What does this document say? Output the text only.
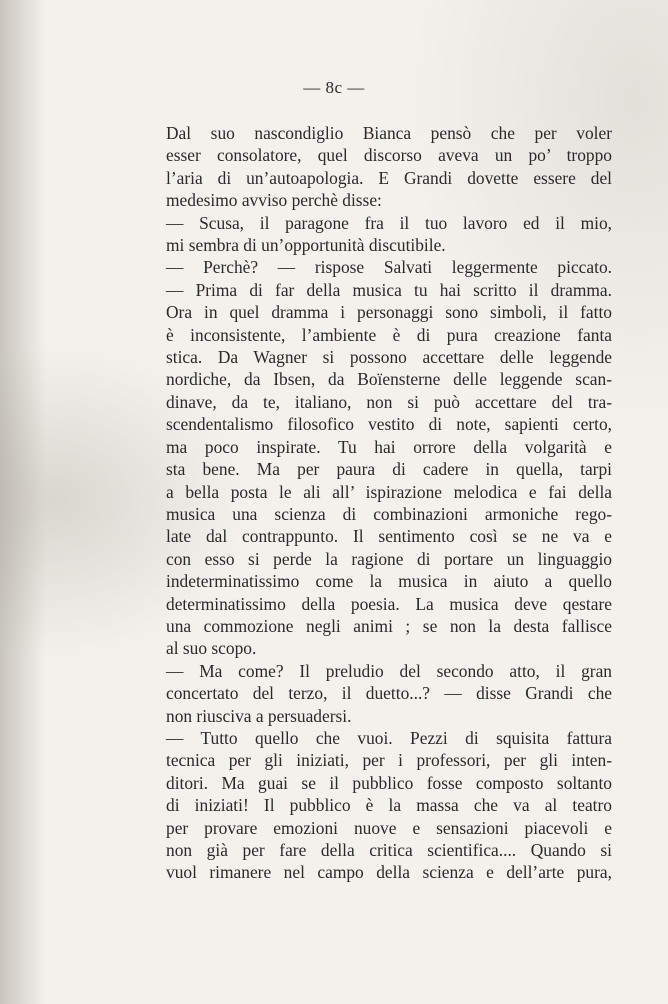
— 8c —

Dal suo nascondiglio Bianca pensò che per voler

esser consolatore, quel discorso aveva un po’ troppo

l’aria di un’autoapologia. E Grandi dovette essere del

medesimo avviso perchè disse:

— Scusa, il paragone fra il tuo lavoro ed il mio,

mi sembra di un’opportunità discutibile.

— Perchè? — rispose Salvati leggermente piccato.

— Prima di far della musica tu hai scritto il dramma.

Ora in quel dramma i personaggi sono simboli, il fatto

è inconsistente, l’ambiente è di pura creazione fanta

stica. Da Wagner si possono accettare delle leggende

nordiche, da Ibsen, da Boïensterne delle leggende scan-

dinave, da te, italiano, non si può accettare del tra-

scendentalismo filosofico vestito di note, sapienti certo,

ma poco inspirate. Tu hai orrore della volgarità e

sta bene. Ma per paura di cadere in quella, tarpi

a bella posta le ali all’ ispirazione melodica e fai della

musica una scienza di combinazioni armoniche rego-

late dal contrappunto. Il sentimento così se ne va e

con esso si perde la ragione di portare un linguaggio

indeterminatissimo come la musica in aiuto a quello

determinatissimo della poesia. La musica deve qestare

una commozione negli animi ; se non la desta fallisce

al suo scopo.

— Ma come? Il preludio del secondo atto, il gran

concertato del terzo, il duetto...? — disse Grandi che

non riusciva a persuadersi.

— Tutto quello che vuoi. Pezzi di squisita fattura

tecnica per gli iniziati, per i professori, per gli inten-

ditori. Ma guai se il pubblico fosse composto soltanto

di iniziati! Il pubblico è la massa che va al teatro

per provare emozioni nuove e sensazioni piacevoli e

non già per fare della critica scientifica.... Quando si

vuol rimanere nel campo della scienza e dell’arte pura,
